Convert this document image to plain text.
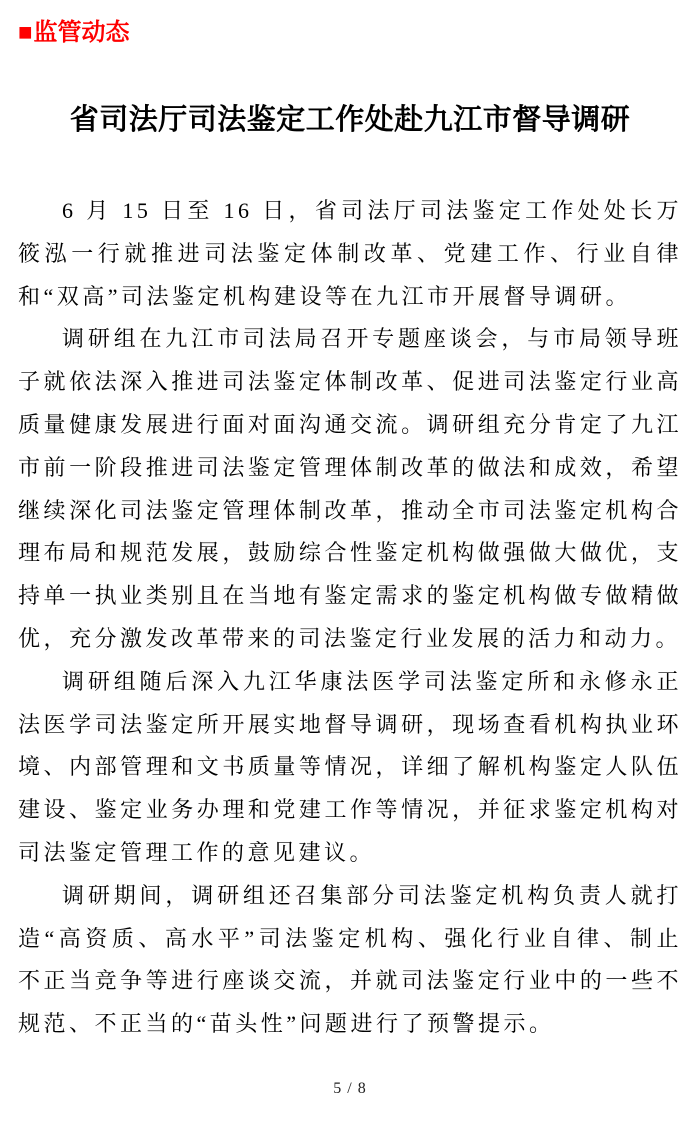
■监管动态
省司法厅司法鉴定工作处赴九江市督导调研

6 月 15 日至 16 日，省司法厅司法鉴定工作处处长万筱泓一行就推进司法鉴定体制改革、党建工作、行业自律和“双高”司法鉴定机构建设等在九江市开展督导调研。

调研组在九江市司法局召开专题座谈会，与市局领导班子就依法深入推进司法鉴定体制改革、促进司法鉴定行业高质量健康发展进行面对面沟通交流。调研组充分肯定了九江市前一阶段推进司法鉴定管理体制改革的做法和成效，希望继续深化司法鉴定管理体制改革，推动全市司法鉴定机构合理布局和规范发展，鼓励综合性鉴定机构做强做大做优，支持单一执业类别且在当地有鉴定需求的鉴定机构做专做精做优，充分激发改革带来的司法鉴定行业发展的活力和动力。

调研组随后深入九江华康法医学司法鉴定所和永修永正法医学司法鉴定所开展实地督导调研，现场查看机构执业环境、内部管理和文书质量等情况，详细了解机构鉴定人队伍建设、鉴定业务办理和党建工作等情况，并征求鉴定机构对司法鉴定管理工作的意见建议。

调研期间，调研组还召集部分司法鉴定机构负责人就打造“高资质、高水平”司法鉴定机构、强化行业自律、制止不正当竞争等进行座谈交流，并就司法鉴定行业中的一些不规范、不正当的“苗头性”问题进行了预警提示。

5 / 8
